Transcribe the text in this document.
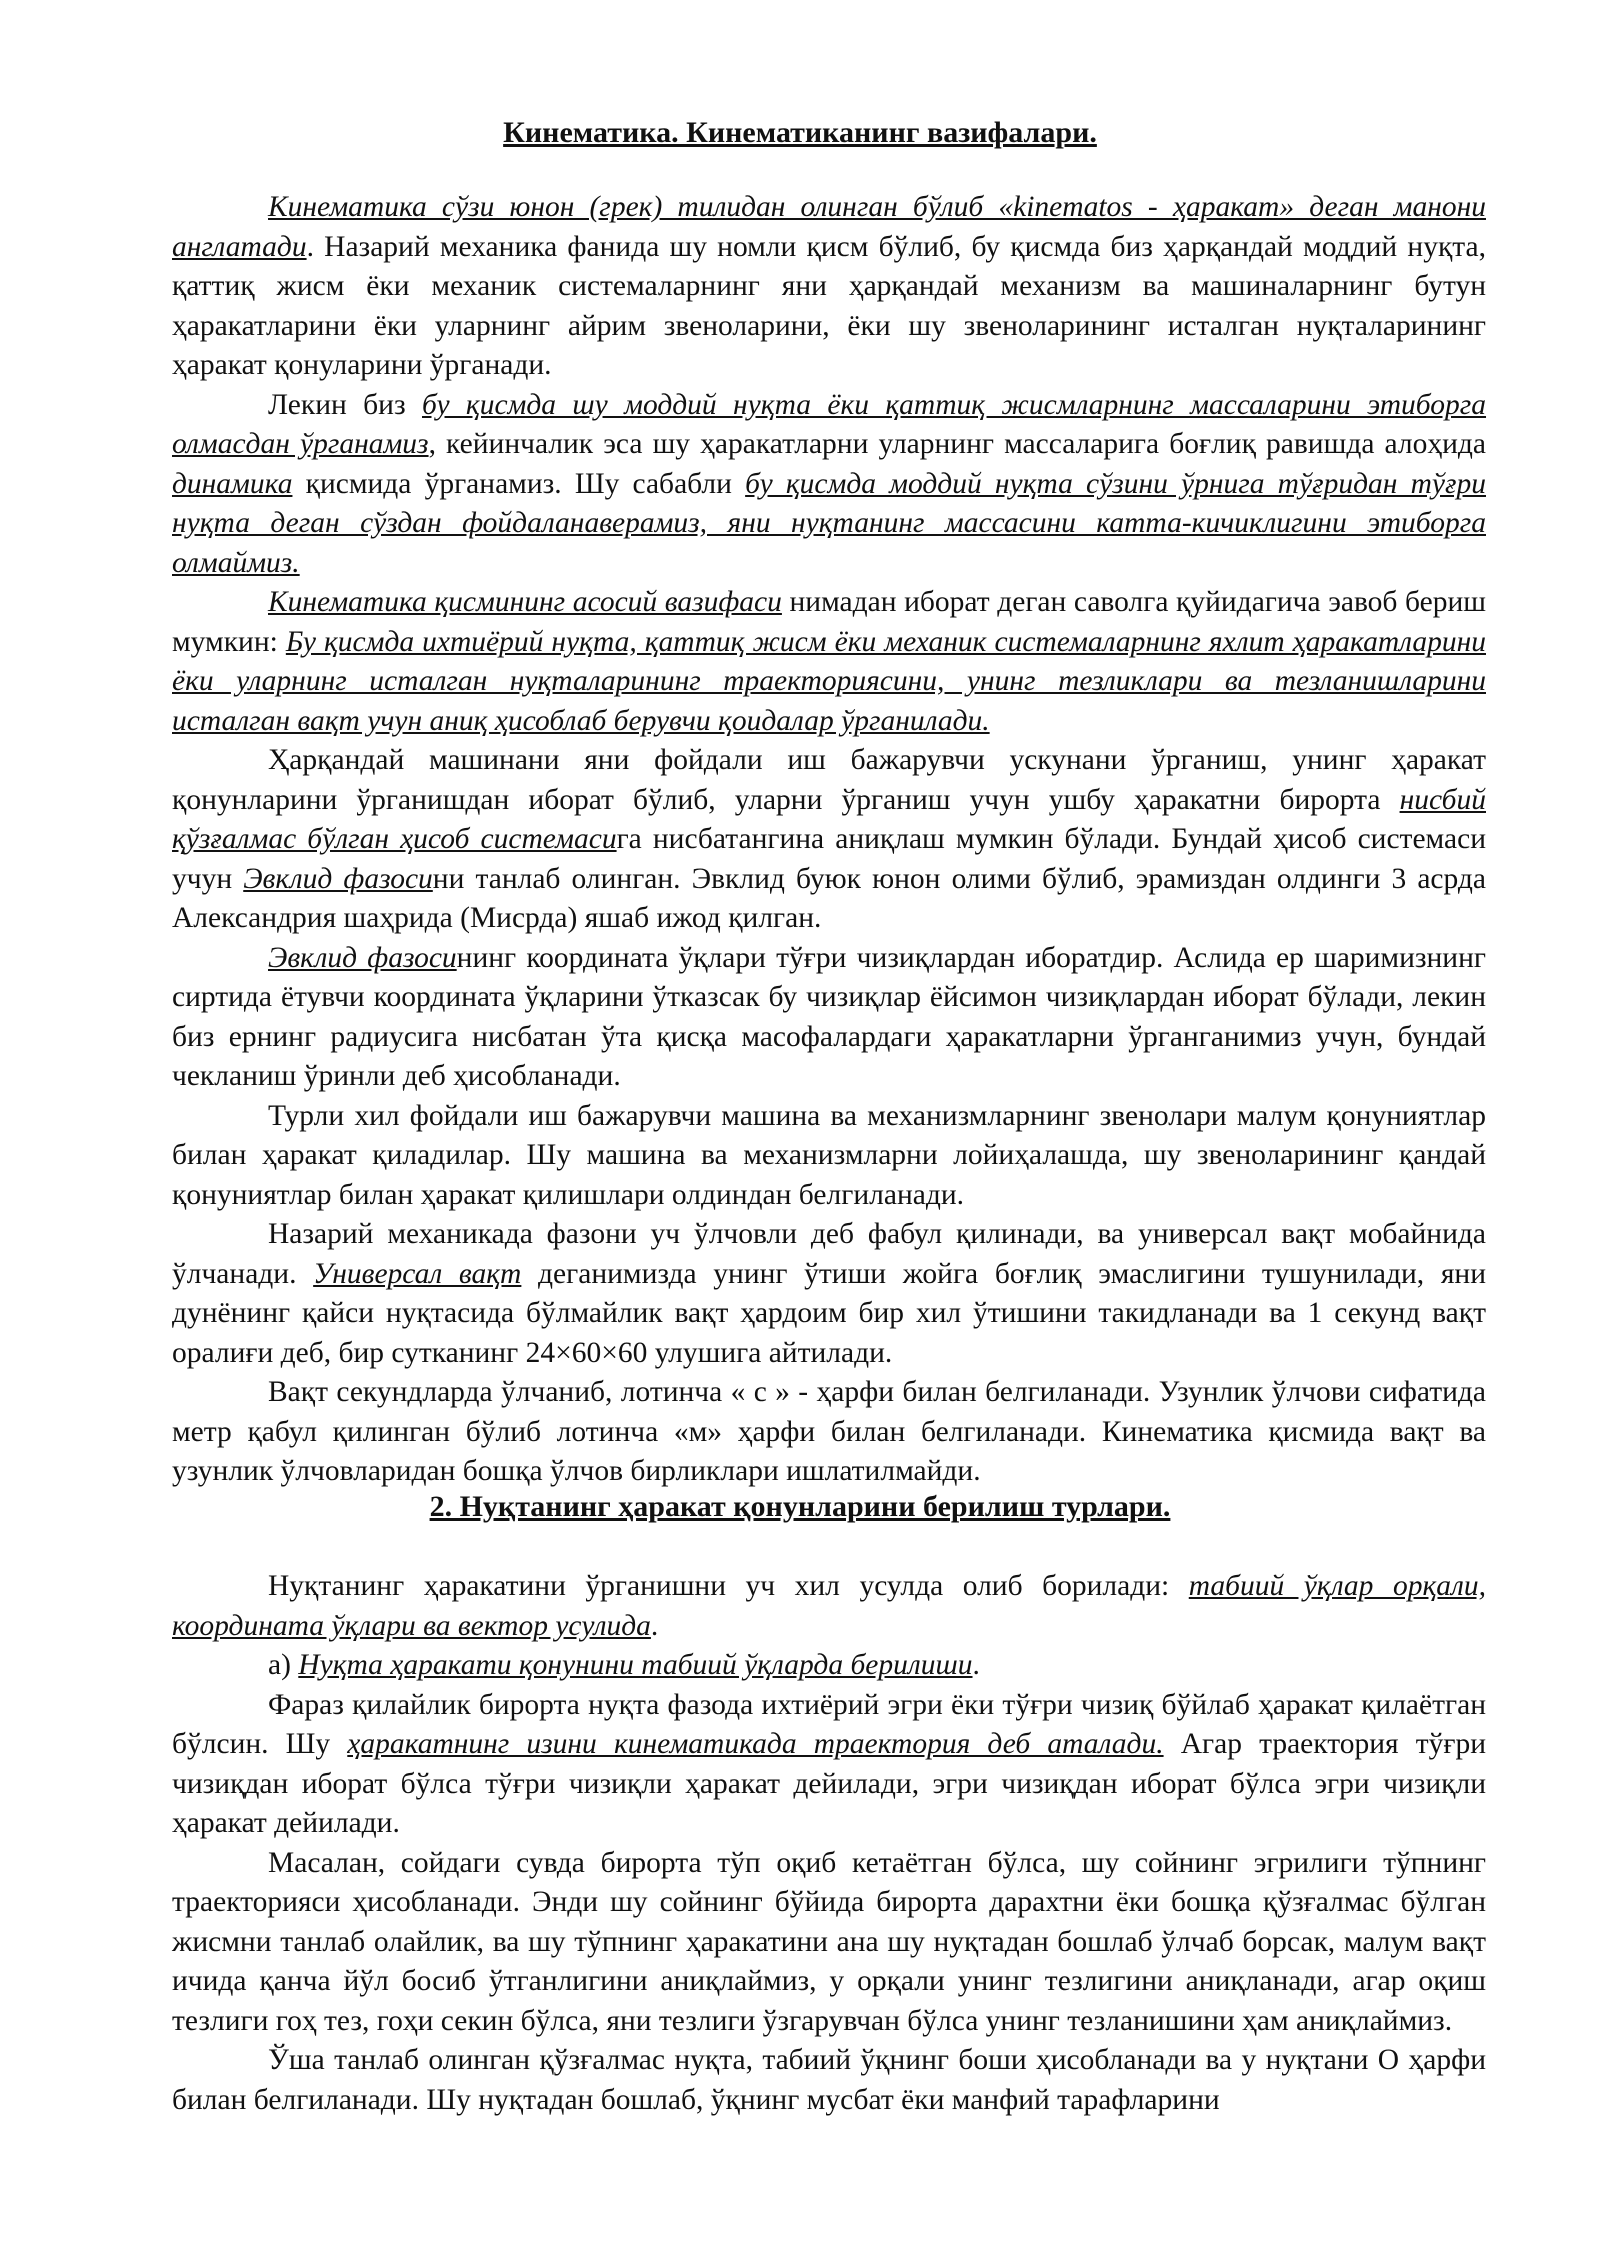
Кинематика. Кинематиканинг вазифалари.

Кинематика сўзи юнон (грек) тилидан олинган бўлиб «kinematos - ҳаракат» деган манони англатади. Назарий механика фанида шу номли қисм бўлиб, бу қисмда биз ҳарқандай моддий нуқта, қаттиқ жисм ёки механик системаларнинг яни ҳарқандай механизм ва машиналарнинг бутун ҳаракатларини ёки уларнинг айрим звеноларини, ёки шу звеноларининг исталган нуқталарининг ҳаракат қонуларини ўрганади.

Лекин биз бу қисмда шу моддий нуқта ёки қаттиқ жисмларнинг массаларини этиборга олмасдан ўрганамиз, кейинчалик эса шу ҳаракатларни уларнинг массаларига боғлиқ равишда алоҳида динамика қисмида ўрганамиз. Шу сабабли бу қисмда моддий нуқта сўзини ўрнига тўғридан тўғри нуқта деган сўздан фойдаланаверамиз, яни нуқтанинг массасини катта-кичиклигини этиборга олмаймиз.

Кинематика қисмининг асосий вазифаси нимадан иборат деган саволга қуйидагича эавоб бериш мумкин: Бу қисмда ихтиёрий нуқта, қаттиқ жисм ёки механик системаларнинг яхлит ҳаракатларини ёки уларнинг исталган нуқталарининг траекториясини, унинг тезликлари ва тезланишларини исталган вақт учун аниқ ҳисоблаб берувчи қоидалар ўрганилади.

Ҳарқандай машинани яни фойдали иш бажарувчи ускунани ўрганиш, унинг ҳаракат қонунларини ўрганишдан иборат бўлиб, уларни ўрганиш учун ушбу ҳаракатни бирорта нисбий қўзғалмас бўлган ҳисоб системасига нисбатангина аниқлаш мумкин бўлади. Бундай ҳисоб системаси учун Эвклид фазосини танлаб олинган. Эвклид буюк юнон олими бўлиб, эрамиздан олдинги 3 асрда Александрия шаҳрида (Мисрда) яшаб ижод қилган.

Эвклид фазосининг координата ўқлари тўғри чизиқлардан иборатдир. Аслида ер шаримизнинг сиртида ётувчи координата ўқларини ўтказсак бу чизиқлар ёйсимон чизиқлардан иборат бўлади, лекин биз ернинг радиусига нисбатан ўта қисқа масофалардаги ҳаракатларни ўрганганимиз учун, бундай чекланиш ўринли деб ҳисобланади.

Турли хил фойдали иш бажарувчи машина ва механизмларнинг звенолари малум қонуниятлар билан ҳаракат қиладилар. Шу машина ва механизмларни лойиҳалашда, шу звеноларининг қандай қонуниятлар билан ҳаракат қилишлари олдиндан белгиланади.

Назарий механикада фазони уч ўлчовли деб фабул қилинади, ва универсал вақт мобайнида ўлчанади. Универсал вақт деганимизда унинг ўтиши жойга боғлиқ эмаслигини тушунилади, яни дунёнинг қайси нуқтасида бўлмайлик вақт ҳардоим бир хил ўтишини такидланади ва 1 секунд вақт оралиғи деб, бир сутканинг 24×60×60 улушига айтилади.

Вақт секундларда ўлчаниб, лотинча « с » - ҳарфи билан белгиланади. Узунлик ўлчови сифатида метр қабул қилинган бўлиб лотинча «м» ҳарфи билан белгиланади. Кинематика қисмида вақт ва узунлик ўлчовларидан бошқа ўлчов бирликлари ишлатилмайди.

2. Нуқтанинг ҳаракат қонунларини берилиш турлари.

Нуқтанинг ҳаракатини ўрганишни уч хил усулда олиб борилади: табиий ўқлар орқали, координата ўқлари ва вектор усулида.

а) Нуқта ҳаракати қонунини табиий ўқларда берилиши.

Фараз қилайлик бирорта нуқта фазода ихтиёрий эгри ёки тўғри чизиқ бўйлаб ҳаракат қилаётган бўлсин. Шу ҳаракатнинг изини кинематикада траектория деб аталади. Агар траектория тўғри чизиқдан иборат бўлса тўғри чизиқли ҳаракат дейилади, эгри чизиқдан иборат бўлса эгри чизиқли ҳаракат дейилади.

Масалан, сойдаги сувда бирорта тўп оқиб кетаётган бўлса, шу сойнинг эгрилиги тўпнинг траекторияси ҳисобланади. Энди шу сойнинг бўйида бирорта дарахтни ёки бошқа қўзғалмас бўлган жисмни танлаб олайлик, ва шу тўпнинг ҳаракатини ана шу нуқтадан бошлаб ўлчаб борсак, малум вақт ичида қанча йўл босиб ўтганлигини аниқлаймиз, у орқали унинг тезлигини аниқланади, агар оқиш тезлиги гоҳ тез, гоҳи секин бўлса, яни тезлиги ўзгарувчан бўлса унинг тезланишини ҳам аниқлаймиз.

Ўша танлаб олинган қўзғалмас нуқта, табиий ўқнинг боши ҳисобланади ва у нуқтани О ҳарфи билан белгиланади. Шу нуқтадан бошлаб, ўқнинг мусбат ёки манфий тарафларини
